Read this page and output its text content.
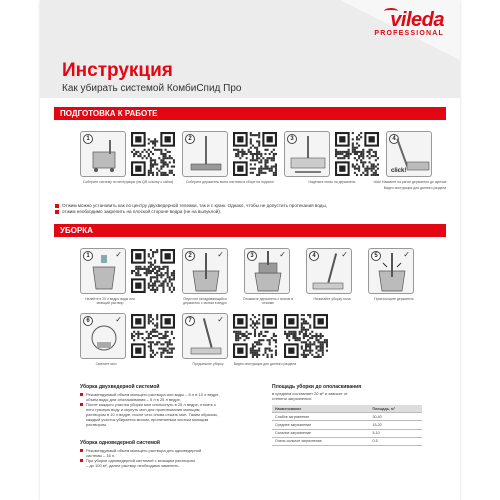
vileda
PROFESSIONAL
Инструкция
Как убирать системой КомбиСпид Про
ПОДГОТОВКА К РАБОТЕ
1
Соберите систему по инструкции (см QR-ссылку с сайта)
2
Соберите держатель мопа системы в сборе на подносе
3
Наденьте мопы на держатель
4
click!
click! Нажмите на рычаг держателя до щелчка
Видео инструкция для данного раздела
Отжим можно установить как по центру двухведерной тележки, так и с краю. Однако, чтобы не допустить протекания воды,
отжим необходимо закрепить на плоской стороне ведра (не на выпуклой).
УБОРКА
1	✓
Налейте в 25 л ведро воды или моющий раствор
2	✓
Опустите складывающийся держатель с мопом в ведро
3	✓
Отожмите держатель с мопом в отжиме
4	✓
Начинайте уборку пола
5	✓
Прополощите держатель
6	✓
Смените моп
7	✓
Продолжите уборку	Видео инструкция для данного раздела
Уборка двухведерной системой
Рекомендуемый объем моющего раствора или воды – 8 л в 10 л ведре,
объем воды для ополаскивания – 5 л в 25 л ведре.
После каждого участка уборки моп ополоснуть в 25 л ведре, отжать с
него грязную воду и окунуть моп для пропитывания моющим
раствором в 10 л ведре, после чего снова отжать моп. Таким образом,
каждый участок убирается мопом, пропитанным чистым моющим
раствором.
Уборка одноведерной системой
Рекомендуемый объем моющего раствора для одноведерной
системы – 16 л.
При уборке одноведерной системой с моющим раствором
– до 100 м², далее раствор необходимо заменить.
Площадь уборки до ополаскивания
в среднем составляет 20 м² и зависит от
степени загрязнения:
Наименование	Площадь, м²
Слабое загрязнение	30-40
Среднее загрязнение	15-20
Сильное загрязнение	5-10
Очень сильное загрязнение	0-5
